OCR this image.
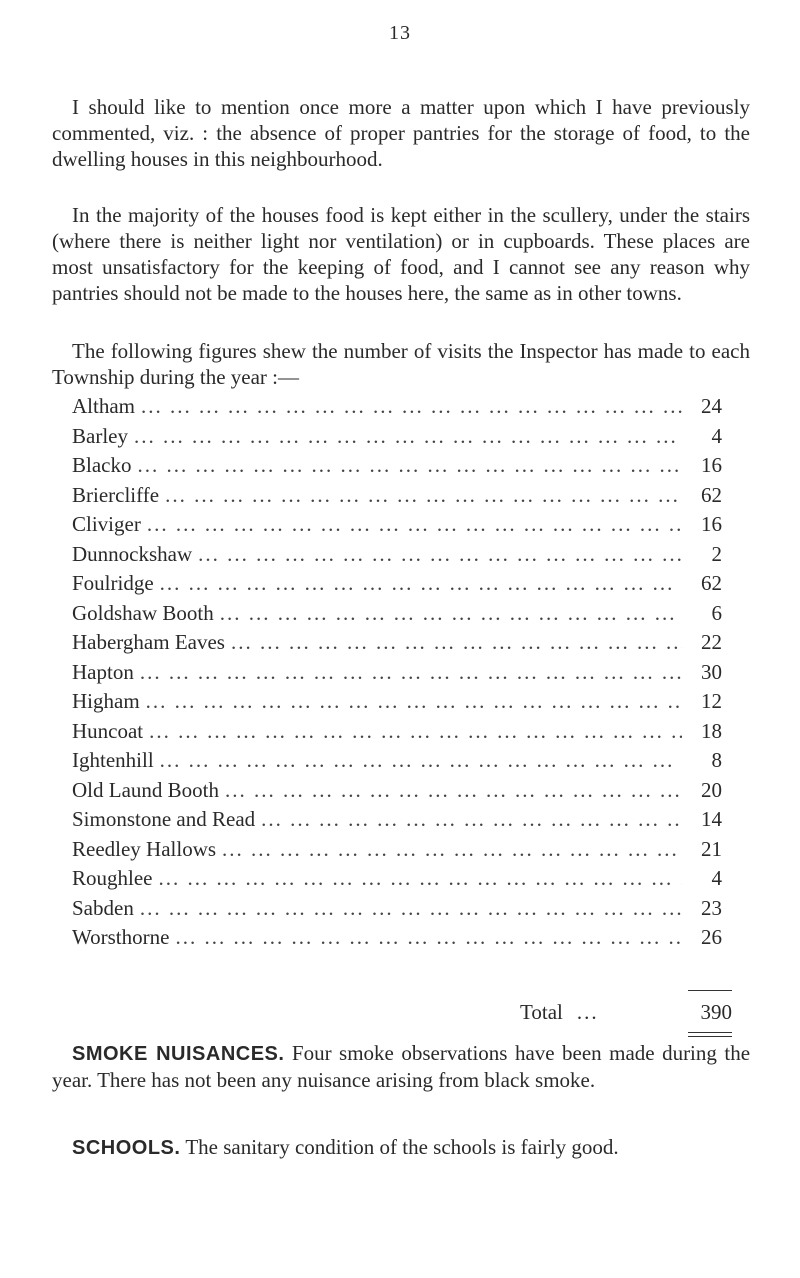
13

I should like to mention once more a matter upon which I have previously commented, viz. : the absence of proper pantries for the storage of food, to the dwelling houses in this neighbourhood.

In the majority of the houses food is kept either in the scullery, under the stairs (where there is neither light nor ventilation) or in cupboards. These places are most unsatisfactory for the keeping of food, and I cannot see any reason why pantries should not be made to the houses here, the same as in other towns.

The following figures shew the number of visits the Inspector has made to each Township during the year :—

Altham ... .	24
Barley ... .	4
Blacko ... .	16
Briercliffe ... .	62
Cliviger ... .	16
Dunnockshaw ... .	2
Foulridge ... .	62
Goldshaw Booth ... .	6
Habergham Eaves ... .	22
Hapton ... .	30
Higham ... .	12
Huncoat ... .	18
Ightenhill ... .	8
Old Laund Booth ... .	20
Simonstone and Read ... .	14
Reedley Hallows ... .	21
Roughlee ... .	4
Sabden ... .	23
Worsthorne ... .	26
Total ...	390

SMOKE NUISANCES. Four smoke observations have been made during the year. There has not been any nuisance arising from black smoke.

SCHOOLS. The sanitary condition of the schools is fairly good.
